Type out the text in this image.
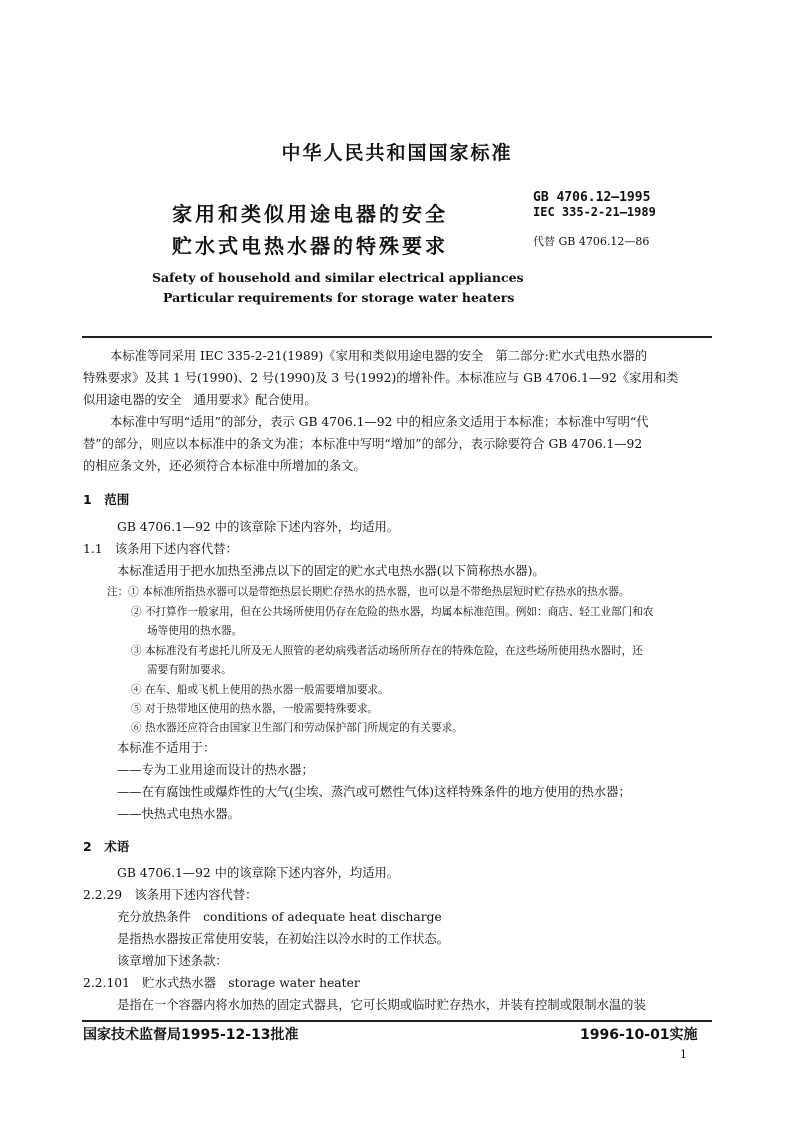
中华人民共和国国家标准
家用和类似用途电器的安全
贮水式电热水器的特殊要求
GB 4706.12—1995
IEC 335-2-21—1989
代替 GB 4706.12—86
Safety of household and similar electrical appliances
Particular requirements for storage water heaters
本标准等同采用 IEC 335-2-21(1989)《家用和类似用途电器的安全　第二部分:贮水式电热水器的
特殊要求》及其 1 号(1990)、2 号(1990)及 3 号(1992)的增补件。本标准应与 GB 4706.1—92《家用和类
似用途电器的安全　通用要求》配合使用。
本标准中写明“适用”的部分，表示 GB 4706.1—92 中的相应条文适用于本标准；本标准中写明“代
替”的部分，则应以本标准中的条文为准；本标准中写明“增加”的部分，表示除要符合 GB 4706.1—92
的相应条文外，还必须符合本标准中所增加的条文。
1　范围
GB 4706.1—92 中的该章除下述内容外，均适用。
1.1　该条用下述内容代替：
本标准适用于把水加热至沸点以下的固定的贮水式电热水器(以下简称热水器)。
注：① 本标准所指热水器可以是带绝热层长期贮存热水的热水器，也可以是不带绝热层短时贮存热水的热水器。
② 不打算作一般家用，但在公共场所使用仍存在危险的热水器，均属本标准范围。例如：商店、轻工业部门和农
场等使用的热水器。
③ 本标准没有考虑托儿所及无人照管的老幼病残者活动场所所存在的特殊危险，在这些场所使用热水器时，还
需要有附加要求。
④ 在车、船或飞机上使用的热水器一般需要增加要求。
⑤ 对于热带地区使用的热水器，一般需要特殊要求。
⑥ 热水器还应符合由国家卫生部门和劳动保护部门所规定的有关要求。
本标准不适用于：
——专为工业用途而设计的热水器；
——在有腐蚀性或爆炸性的大气(尘埃、蒸汽或可燃性气体)这样特殊条件的地方使用的热水器；
——快热式电热水器。
2　术语
GB 4706.1—92 中的该章除下述内容外，均适用。
2.2.29　该条用下述内容代替：
充分放热条件　conditions of adequate heat discharge
是指热水器按正常使用安装，在初始注以冷水时的工作状态。
该章增加下述条款：
2.2.101　贮水式热水器　storage water heater
是指在一个容器内将水加热的固定式器具，它可长期或临时贮存热水，并装有控制或限制水温的装
国家技术监督局1995-12-13批准	1996-10-01实施
1
